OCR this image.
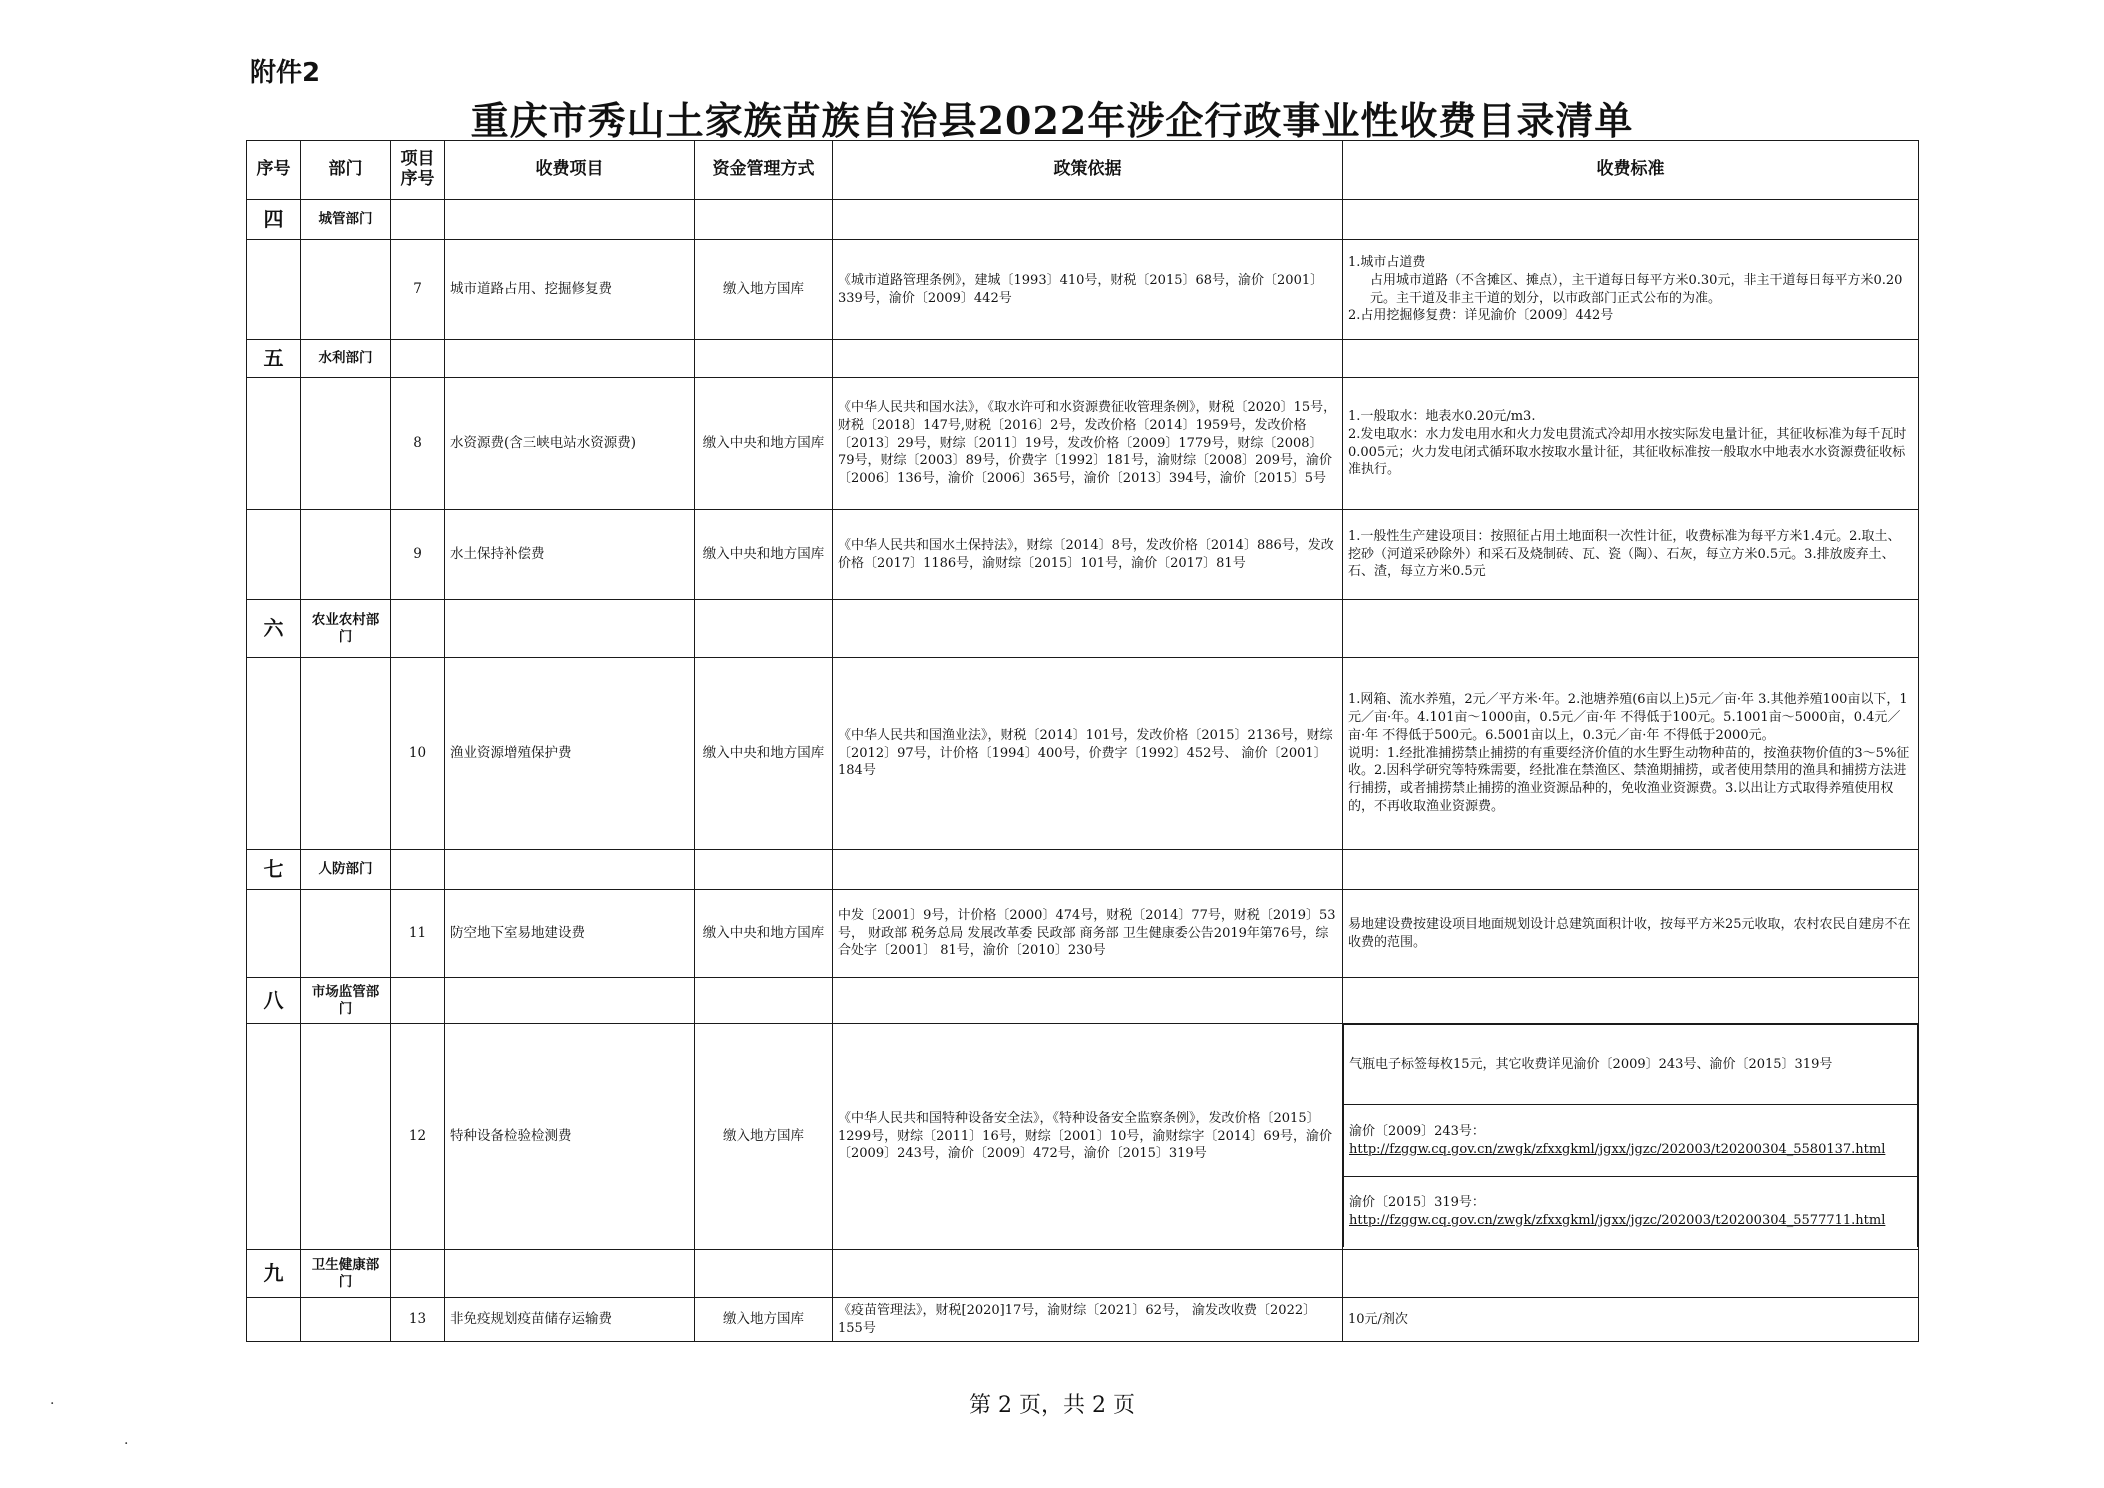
附件2
重庆市秀山土家族苗族自治县2022年涉企行政事业性收费目录清单
序号	部门	项目序号	收费项目	资金管理方式	政策依据	收费标准
四	城管部门					
		7	城市道路占用、挖掘修复费	缴入地方国库	《城市道路管理条例》，建城〔1993〕410号，财税〔2015〕68号，渝价〔2001〕339号，渝价〔2009〕442号	

1.城市占道费

占用城市道路（不含摊区、摊点），主干道每日每平方米0.30元，非主干道每日每平方米0.20元。主干道及非主干道的划分，以市政部门正式公布的为准。

2.占用挖掘修复费：详见渝价〔2009〕442号

五	水利部门					
		8	水资源费(含三峡电站水资源费)	缴入中央和地方国库	《中华人民共和国水法》，《取水许可和水资源费征收管理条例》，财税〔2020〕15号，财税〔2018〕147号,财税〔2016〕2号，发改价格〔2014〕1959号，发改价格〔2013〕29号，财综〔2011〕19号，发改价格〔2009〕1779号，财综〔2008〕79号，财综〔2003〕89号，价费字〔1992〕181号，渝财综〔2008〕209号，渝价〔2006〕136号，渝价〔2006〕365号，渝价〔2013〕394号，渝价〔2015〕5号	

1.一般取水：地表水0.20元/m3.

2.发电取水：水力发电用水和火力发电贯流式冷却用水按实际发电量计征，其征收标准为每千瓦时0.005元；火力发电闭式循环取水按取水量计征，其征收标准按一般取水中地表水水资源费征收标准执行。

		9	水土保持补偿费	缴入中央和地方国库	《中华人民共和国水土保持法》，财综〔2014〕8号，发改价格〔2014〕886号，发改价格〔2017〕1186号，渝财综〔2015〕101号，渝价〔2017〕81号	

1.一般性生产建设项目：按照征占用土地面积一次性计征，收费标准为每平方米1.4元。2.取土、挖砂（河道采砂除外）和采石及烧制砖、瓦、瓷（陶）、石灰，每立方米0.5元。3.排放废弃土、石、渣，每立方米0.5元

六	农业农村部门					
		10	渔业资源增殖保护费	缴入中央和地方国库	《中华人民共和国渔业法》，财税〔2014〕101号，发改价格〔2015〕2136号，财综〔2012〕97号，计价格〔1994〕400号，价费字〔1992〕452号、 渝价〔2001〕184号	

1.网箱、流水养殖，2元／平方米·年。2.池塘养殖(6亩以上)5元／亩·年 3.其他养殖100亩以下，1元／亩·年。4.101亩～1000亩，0.5元／亩·年 不得低于100元。5.1001亩～5000亩，0.4元／亩·年 不得低于500元。6.5001亩以上，0.3元／亩·年 不得低于2000元。

说明：1.经批准捕捞禁止捕捞的有重要经济价值的水生野生动物种苗的，按渔获物价值的3～5%征收。2.因科学研究等特殊需要，经批准在禁渔区、禁渔期捕捞，或者使用禁用的渔具和捕捞方法进行捕捞，或者捕捞禁止捕捞的渔业资源品种的，免收渔业资源费。3.以出让方式取得养殖使用权的，不再收取渔业资源费。

七	人防部门					
		11	防空地下室易地建设费	缴入中央和地方国库	中发〔2001〕9号，计价格〔2000〕474号，财税〔2014〕77号，财税〔2019〕53号， 财政部 税务总局 发展改革委 民政部 商务部 卫生健康委公告2019年第76号，综合处字〔2001〕 81号，渝价〔2010〕230号	

易地建设费按建设项目地面规划设计总建筑面积计收，按每平方米25元收取，农村农民自建房不在收费的范围。

八	市场监管部门					
		12	特种设备检验检测费	缴入地方国库	《中华人民共和国特种设备安全法》，《特种设备安全监察条例》，发改价格〔2015〕1299号，财综〔2011〕16号，财综〔2001〕10号，渝财综字〔2014〕69号，渝价〔2009〕243号，渝价〔2009〕472号，渝价〔2015〕319号	
气瓶电子标签每枚15元，其它收费详见渝价〔2009〕243号、渝价〔2015〕319号

渝价〔2009〕243号：
http://fzggw.cq.gov.cn/zwgk/zfxxgkml/jgxx/jgzc/202003/t20200304_5580137.html

渝价〔2015〕319号：
http://fzggw.cq.gov.cn/zwgk/zfxxgkml/jgxx/jgzc/202003/t20200304_5577711.html

九	卫生健康部门					
		13	非免疫规划疫苗储存运输费	缴入地方国库	《疫苗管理法》，财税[2020]17号，渝财综〔2021〕62号， 渝发改收费〔2022〕155号	

10元/剂次

第 2 页，共 2 页
·
·
